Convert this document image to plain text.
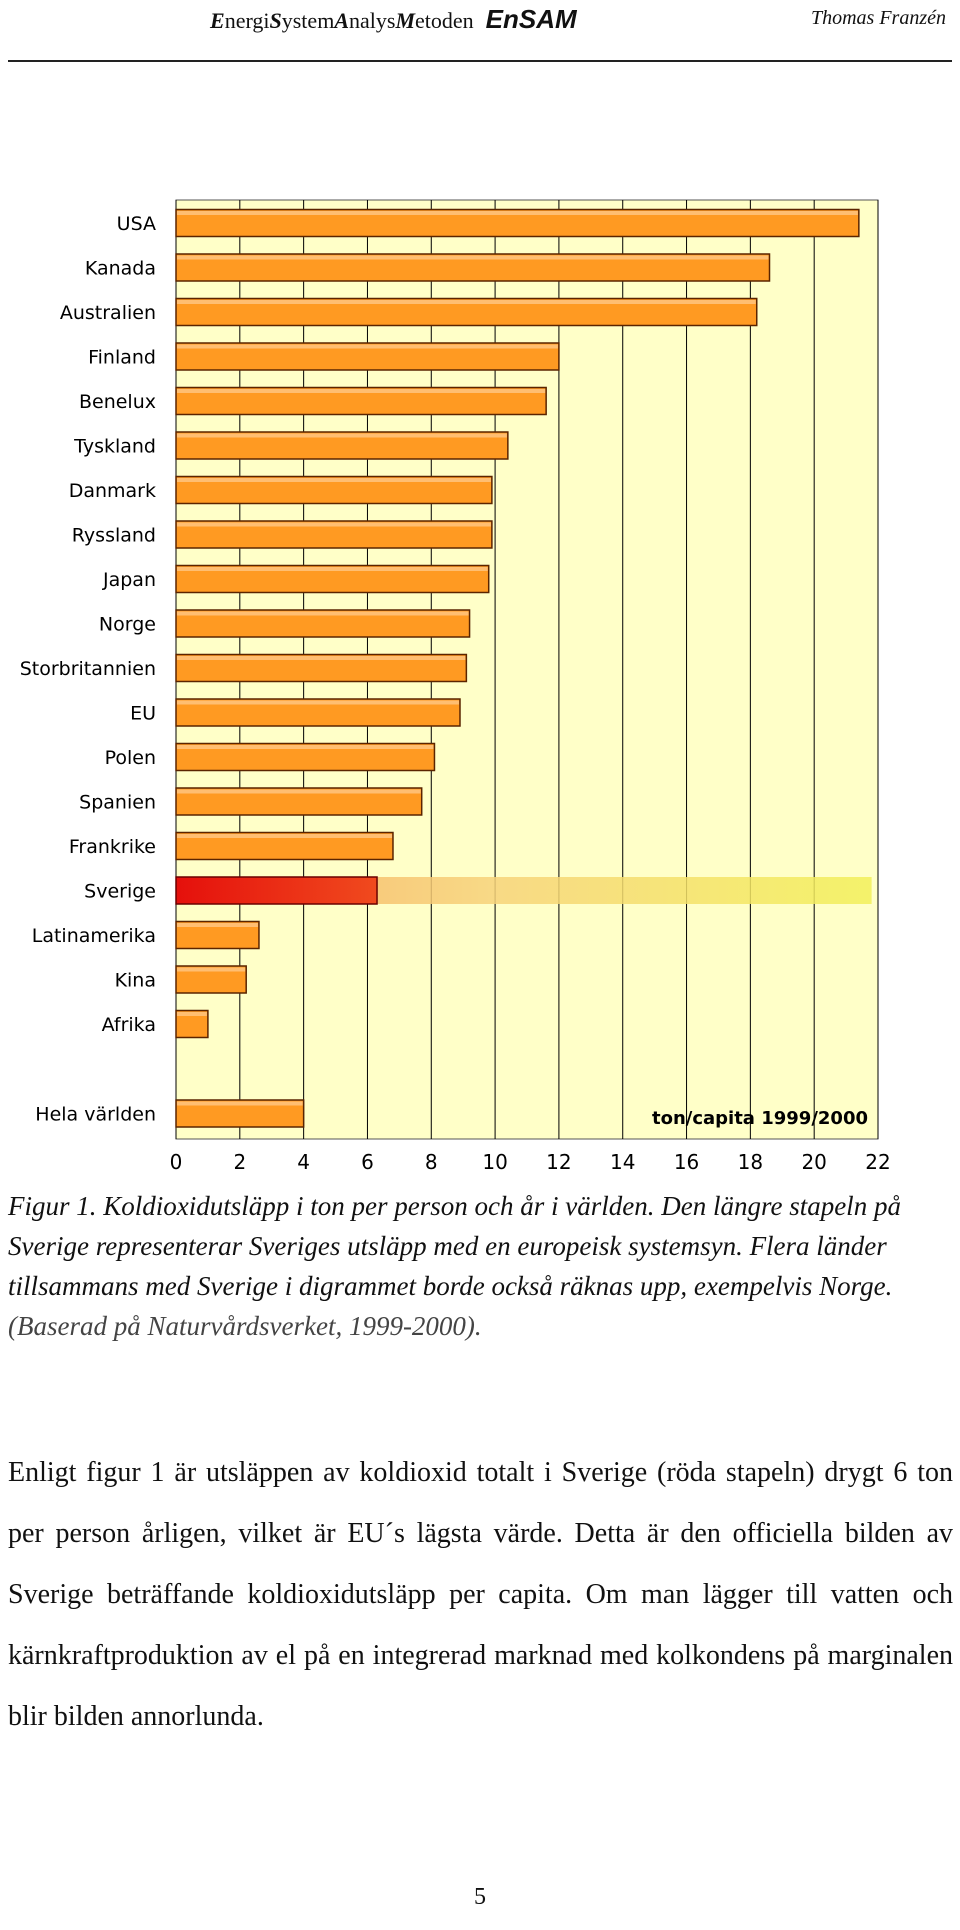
EnergiSystemAnalysMetoden EnSAM	Thomas Franzén
USA
Kanada
Australien
Finland
Benelux
Tyskland
Danmark
Ryssland
Japan
Norge
Storbritannien
EU
Polen
Spanien
Frankrike
Sverige
Latinamerika
Kina
Afrika
Hela världen
0	2	4	6	8 10 12 14 16 18 20 22
ton/capita 1999/2000
Figur 1. Koldioxidutsläpp i ton per person och år i världen. Den längre stapeln på Sverige representerar Sveriges utsläpp med en europeisk systemsyn. Flera länder tillsammans med Sverige i digrammet borde också räknas upp, exempelvis Norge. (Baserad på Naturvårdsverket, 1999-2000).
Enligt figur 1 är utsläppen av koldioxid totalt i Sverige (röda stapeln) drygt 6 ton per person årligen, vilket är EU´s lägsta värde. Detta är den officiella bilden av Sverige beträffande koldioxidutsläpp per capita. Om man lägger till vatten och kärnkraftproduktion av el på en integrerad marknad med kolkondens på marginalen blir bilden annorlunda.
5
